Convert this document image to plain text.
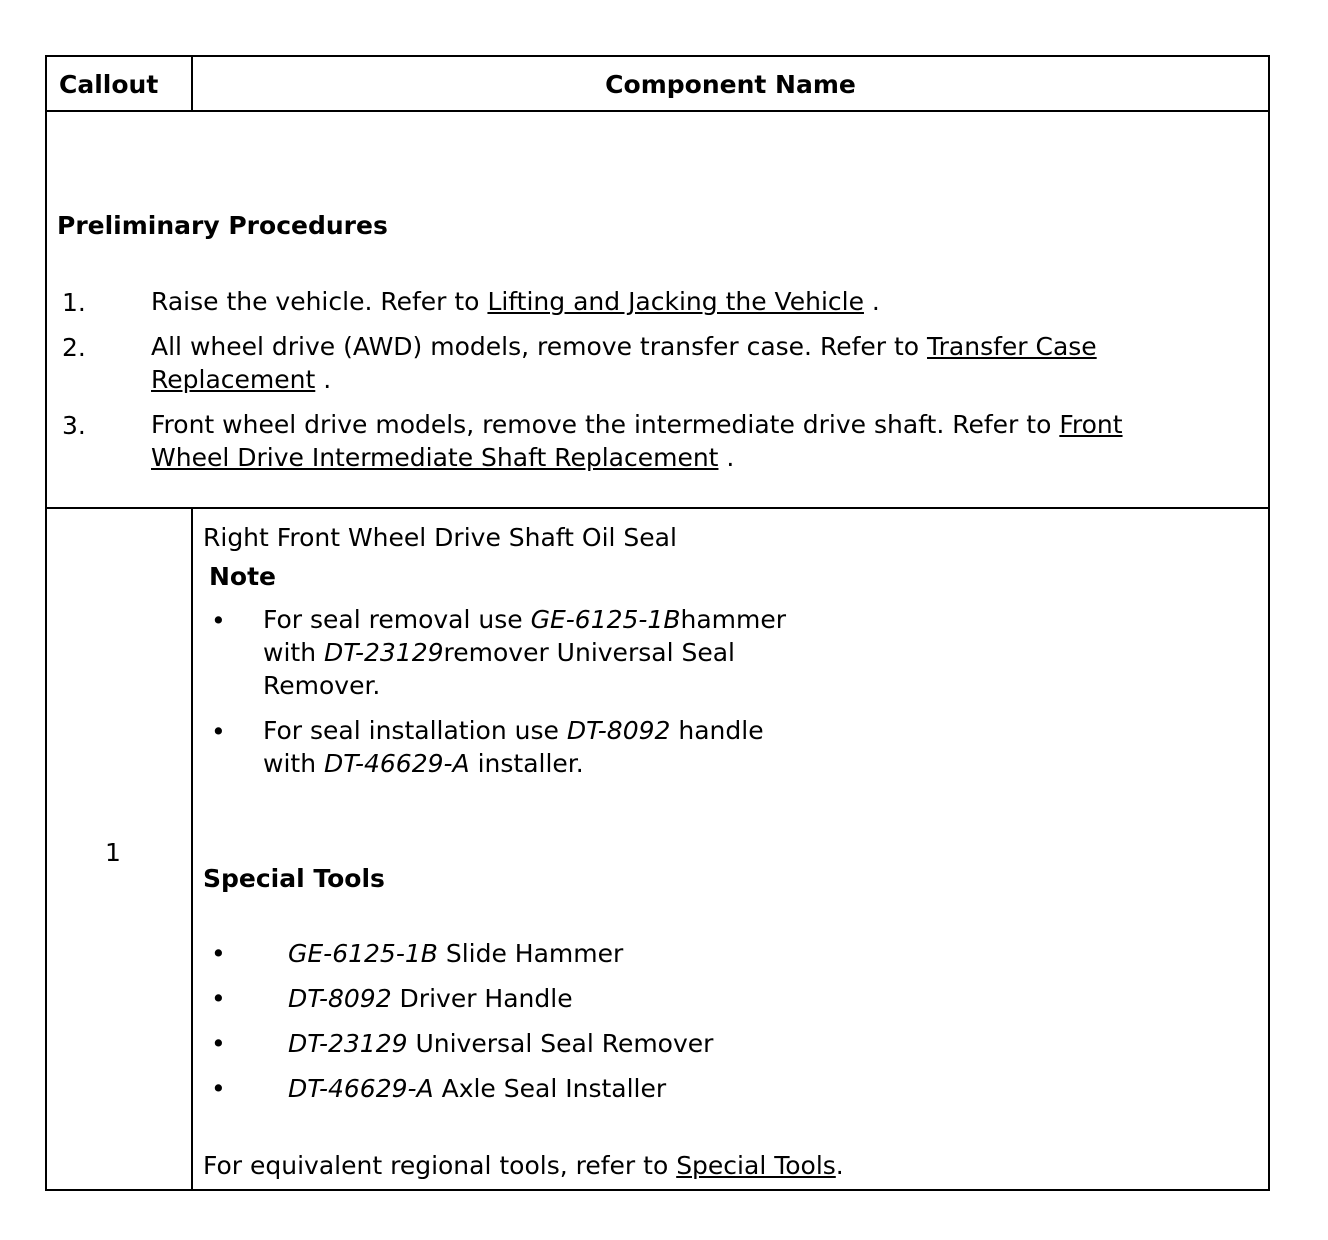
Callout	Component Name
Preliminary Procedures
1.	Raise the vehicle. Refer to Lifting and Jacking the Vehicle .
2.	All wheel drive (AWD) models, remove transfer case. Refer to Transfer Case Replacement .
3.	Front wheel drive models, remove the intermediate drive shaft. Refer to Front Wheel Drive Intermediate Shaft Replacement .
1
Right Front Wheel Drive Shaft Oil Seal
Note
• For seal removal use GE-6125-1Bhammer with DT-23129remover Universal Seal Remover.
• For seal installation use DT-8092 handle with DT-46629-A installer.
Special Tools
• GE-6125-1B Slide Hammer
• DT-8092 Driver Handle
• DT-23129 Universal Seal Remover
• DT-46629-A Axle Seal Installer
For equivalent regional tools, refer to Special Tools.
